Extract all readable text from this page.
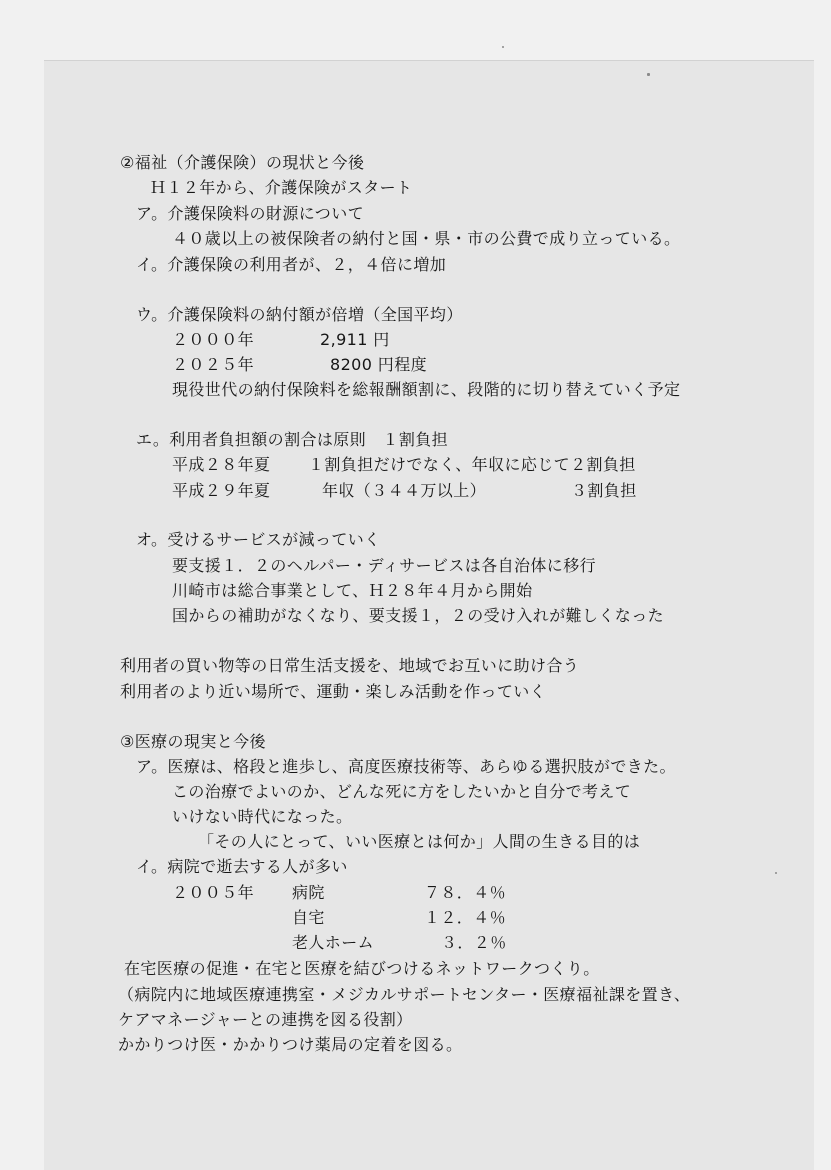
②福祉（介護保険）の現状と今後
Ｈ１２年から、介護保険がスタート
ア。介護保険料の財源について
４０歳以上の被保険者の納付と国・県・市の公費で成り立っている。
イ。介護保険の利用者が、２，４倍に増加
ウ。介護保険料の納付額が倍増（全国平均）
２０００年	2,911 円
２０２５年	8200 円程度
現役世代の納付保険料を総報酬額割に、段階的に切り替えていく予定
エ。利用者負担額の割合は原則　１割負担
平成２８年夏 １割負担だけでなく、年収に応じて２割負担
平成２９年夏	年収（３４４万以上）	３割負担
オ。受けるサービスが減っていく
要支援１．２のヘルパー・ディサービスは各自治体に移行
川崎市は総合事業として、Ｈ２８年４月から開始
国からの補助がなくなり、要支援１，２の受け入れが難しくなった
利用者の買い物等の日常生活支援を、地域でお互いに助け合う
利用者のより近い場所で、運動・楽しみ活動を作っていく
③医療の現実と今後
ア。医療は、格段と進歩し、高度医療技術等、あらゆる選択肢ができた。
この治療でよいのか、どんな死に方をしたいかと自分で考えて
いけない時代になった。
「その人にとって、いい医療とは何か」人間の生きる目的は
イ。病院で逝去する人が多い
２００５年 病院	７８．４％
自宅	１２．４％
老人ホーム	３．２％
在宅医療の促進・在宅と医療を結びつけるネットワークつくり。
（病院内に地域医療連携室・メジカルサポートセンター・医療福祉課を置き、
ケアマネージャーとの連携を図る役割）
かかりつけ医・かかりつけ薬局の定着を図る。
